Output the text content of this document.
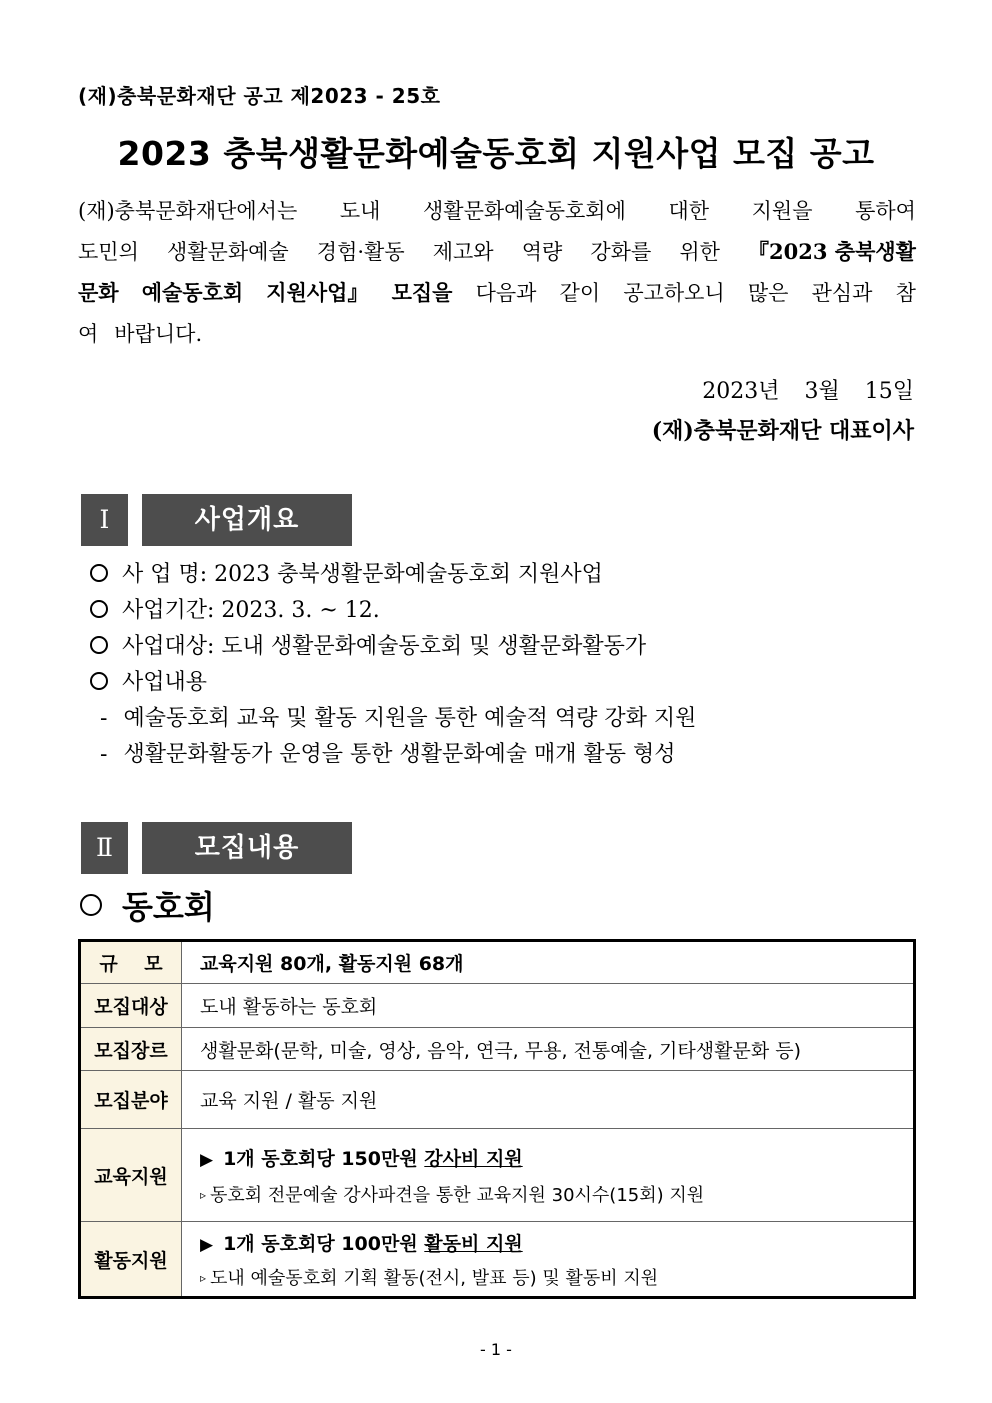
(재)충북문화재단 공고 제2023 - 25호
2023 충북생활문화예술동호회 지원사업 모집 공고
(재)충북문화재단에서는 도내 생활문화예술동호회에 대한 지원을 통하여
도민의 생활문화예술 경험·활동 제고와 역량 강화를 위한 『2023 충북생활
문화 예술동호회 지원사업』 모집을 다음과 같이 공고하오니 많은 관심과 참
여 바랍니다.
2023년 3월 15일
(재)충북문화재단 대표이사
Ⅰ	사업개요
사 업 명: 2023 충북생활문화예술동호회 지원사업
사업기간: 2023. 3. ~ 12.
사업대상: 도내 생활문화예술동호회 및 생활문화활동가
사업내용
- 예술동호회 교육 및 활동 지원을 통한 예술적 역량 강화 지원
- 생활문화활동가 운영을 통한 생활문화예술 매개 활동 형성
Ⅱ	모집내용
동호회
규    모	교육지원 80개, 활동지원 68개
모집대상	도내 활동하는 동호회
모집장르	생활문화(문학, 미술, 영상, 음악, 연극, 무용, 전통예술, 기타생활문화 등)
모집분야	교육 지원 / 활동 지원
교육지원	▶ 1개 동호회당 150만원 강사비 지원
▹ 동호회 전문예술 강사파견을 통한 교육지원 30시수(15회) 지원

활동지원	▶ 1개 동호회당 100만원 활동비 지원
▹ 도내 예술동호회 기획 활동(전시, 발표 등) 및 활동비 지원
- 1 -
